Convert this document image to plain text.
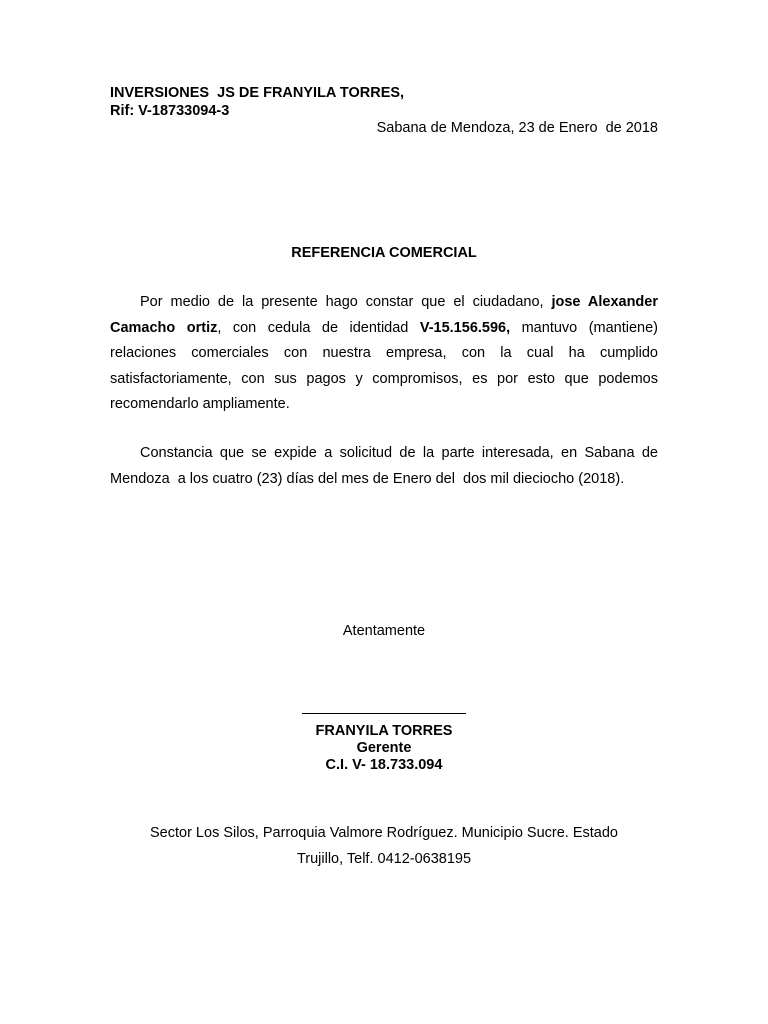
INVERSIONES  JS DE FRANYILA TORRES,
Rif: V-18733094-3
Sabana de Mendoza, 23 de Enero  de 2018
REFERENCIA COMERCIAL

Por medio de la presente hago constar que el ciudadano, jose Alexander Camacho ortiz, con cedula de identidad V-15.156.596, mantuvo (mantiene) relaciones comerciales con nuestra empresa, con la cual ha cumplido satisfactoriamente, con sus pagos y compromisos, es por esto que podemos recomendarlo ampliamente.

Constancia que se expide a solicitud de la parte interesada, en Sabana de Mendoza  a los cuatro (23) días del mes de Enero del  dos mil dieciocho (2018).

Atentamente
FRANYILA TORRES
Gerente
C.I. V- 18.733.094
Sector Los Silos, Parroquia Valmore Rodríguez. Municipio Sucre. Estado
Trujillo, Telf. 0412-0638195
